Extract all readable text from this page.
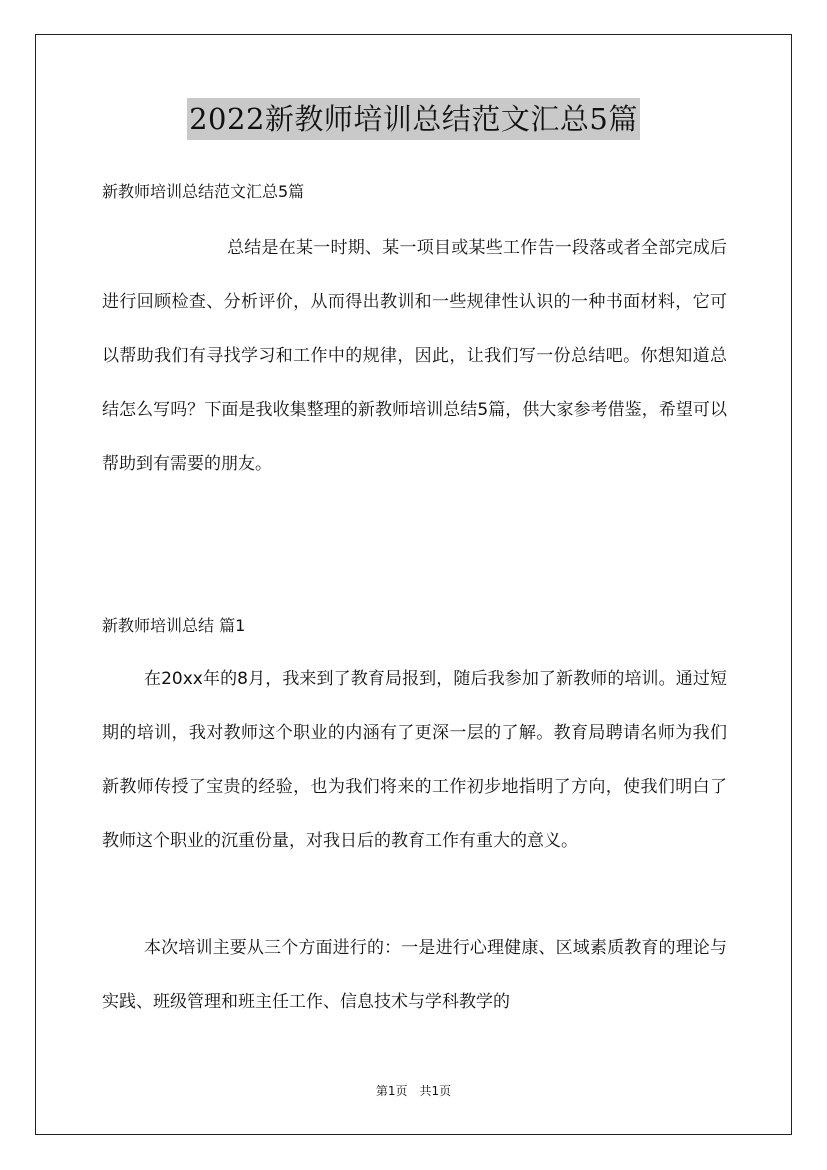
2022新教师培训总结范文汇总5篇
新教师培训总结范文汇总5篇
总结是在某一时期、某一项目或某些工作告一段落或者全部完成后进行回顾检查、分析评价，从而得出教训和一些规律性认识的一种书面材料，它可以帮助我们有寻找学习和工作中的规律，因此，让我们写一份总结吧。你想知道总结怎么写吗？下面是我收集整理的新教师培训总结5篇，供大家参考借鉴，希望可以帮助到有需要的朋友。
新教师培训总结 篇1
在20xx年的8月，我来到了教育局报到，随后我参加了新教师的培训。通过短期的培训，我对教师这个职业的内涵有了更深一层的了解。教育局聘请名师为我们新教师传授了宝贵的经验，也为我们将来的工作初步地指明了方向，使我们明白了教师这个职业的沉重份量，对我日后的教育工作有重大的意义。
本次培训主要从三个方面进行的：一是进行心理健康、区域素质教育的理论与实践、班级管理和班主任工作、信息技术与学科教学的
第1页　共1页
